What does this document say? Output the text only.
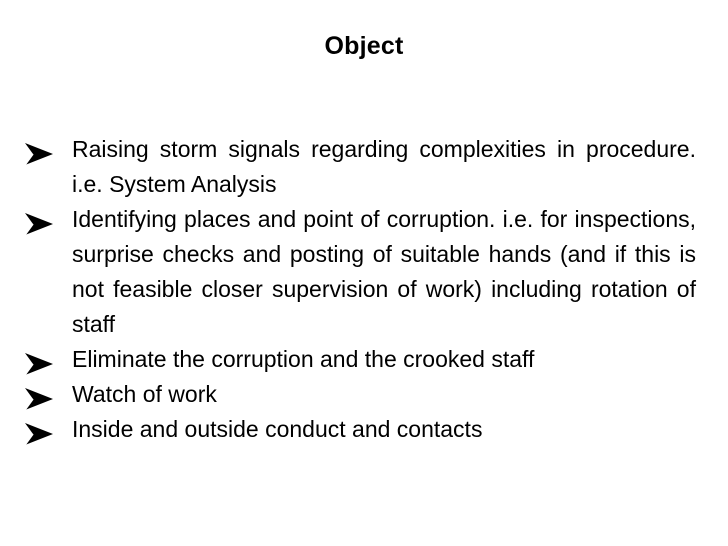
Object
Raising storm signals regarding complexities in procedure. i.e. System Analysis
Identifying places and point of corruption. i.e. for inspections, surprise checks and posting of suitable hands (and if this is not feasible closer supervision of work) including rotation of staff
Eliminate the corruption and the crooked staff
Watch of work
Inside and outside conduct and contacts
